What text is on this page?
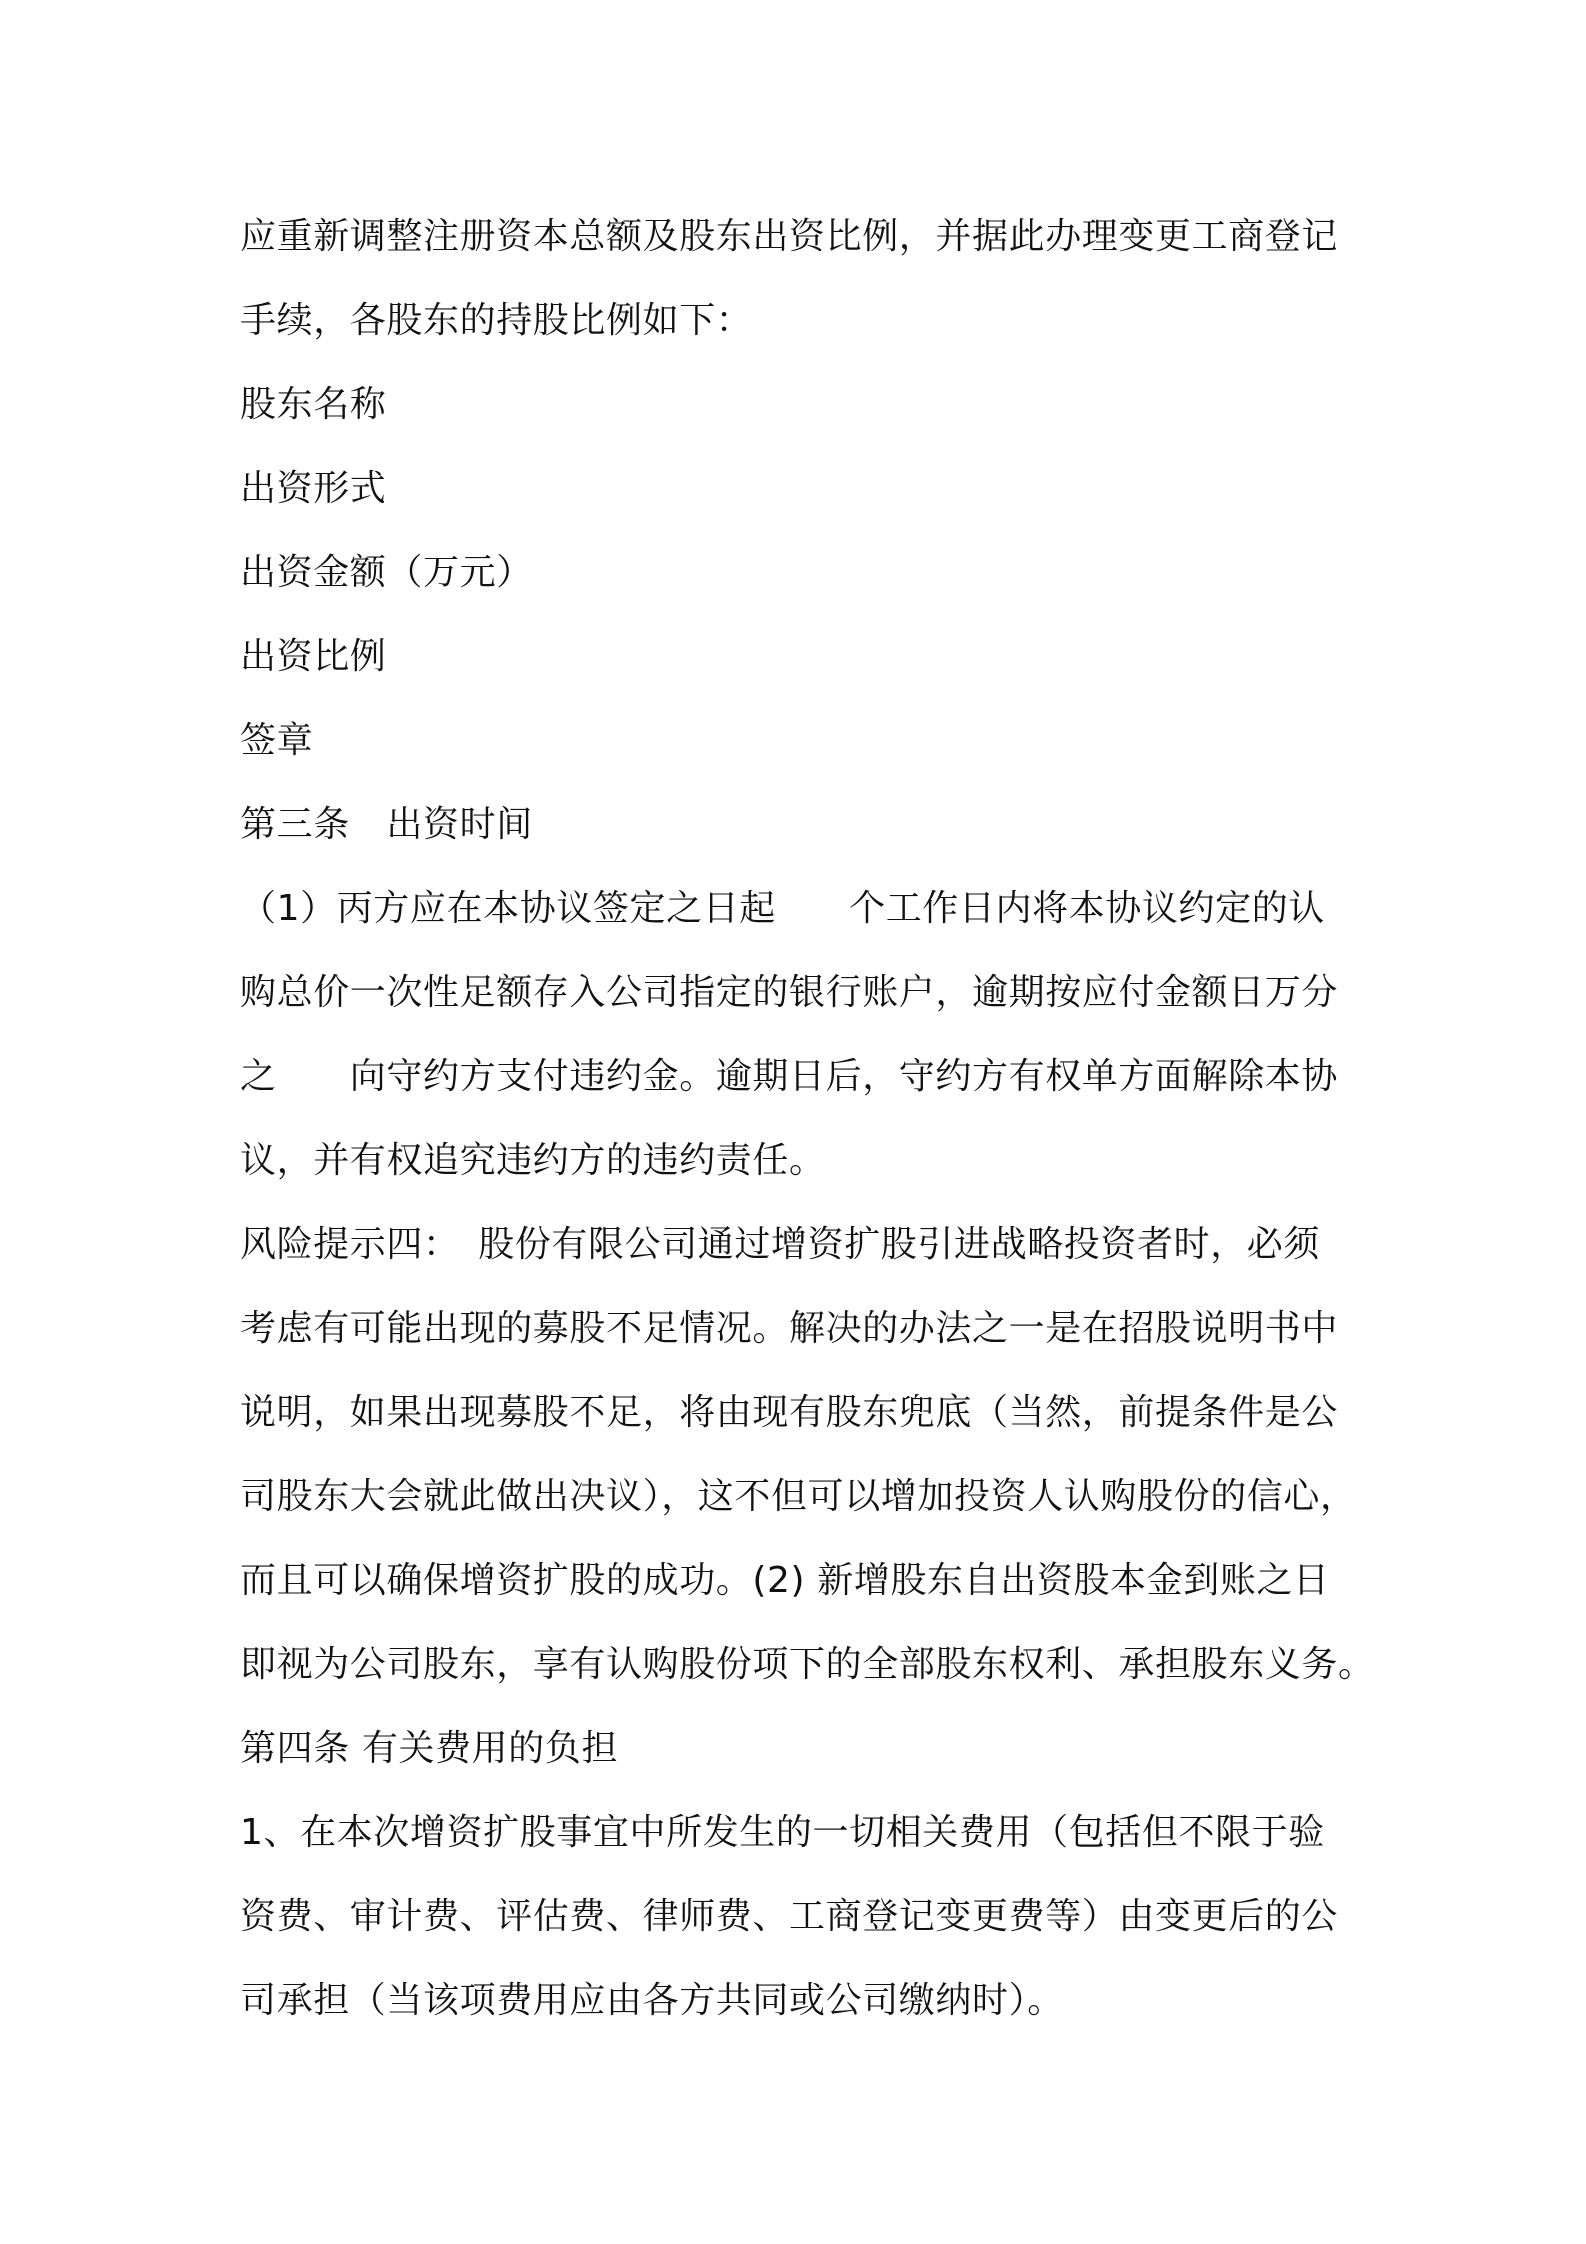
应重新调整注册资本总额及股东出资比例，并据此办理变更工商登记
手续，各股东的持股比例如下：
股东名称
出资形式
出资金额（万元）
出资比例
签章
第三条　出资时间
（1）丙方应在本协议签定之日起　　个工作日内将本协议约定的认
购总价一次性足额存入公司指定的银行账户，逾期按应付金额日万分
之　　向守约方支付违约金。逾期日后，守约方有权单方面解除本协
议，并有权追究违约方的违约责任。
风险提示四：　股份有限公司通过增资扩股引进战略投资者时，必须
考虑有可能出现的募股不足情况。解决的办法之一是在招股说明书中
说明，如果出现募股不足，将由现有股东兜底（当然，前提条件是公
司股东大会就此做出决议），这不但可以增加投资人认购股份的信心，
而且可以确保增资扩股的成功。(2) 新增股东自出资股本金到账之日
即视为公司股东，享有认购股份项下的全部股东权利、承担股东义务。
第四条 有关费用的负担
1、在本次增资扩股事宜中所发生的一切相关费用（包括但不限于验
资费、审计费、评估费、律师费、工商登记变更费等）由变更后的公
司承担（当该项费用应由各方共同或公司缴纳时）。
